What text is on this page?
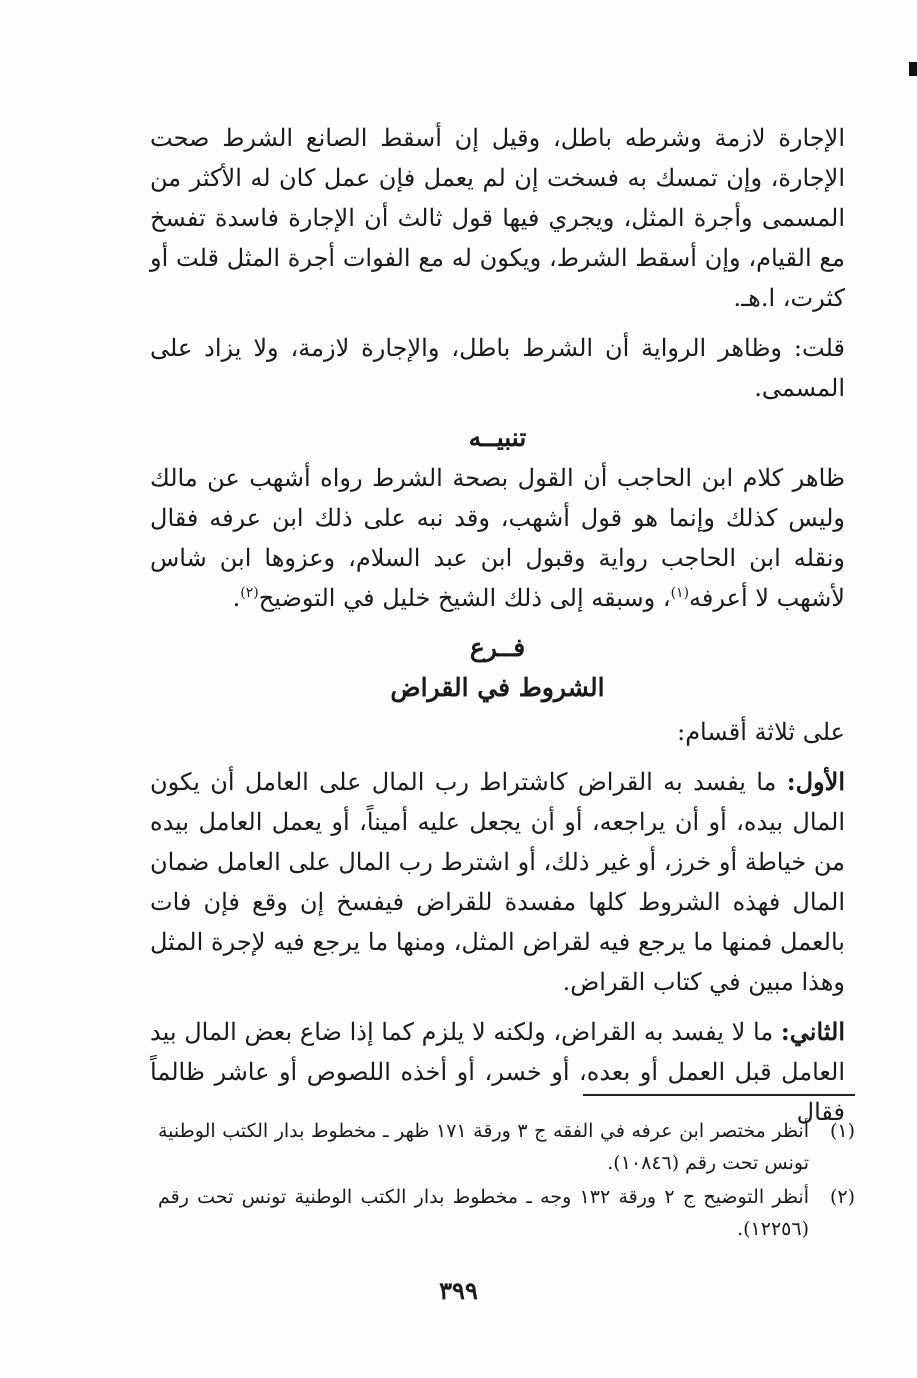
الإجارة لازمة وشرطه باطل، وقيل إن أسقط الصانع الشرط صحت الإجارة، وإن تمسك به فسخت إن لم يعمل فإن عمل كان له الأكثر من المسمى وأجرة المثل، ويجري فيها قول ثالث أن الإجارة فاسدة تفسخ مع القيام، وإن أسقط الشرط، ويكون له مع الفوات أجرة المثل قلت أو كثرت، ا.هـ.

قلت: وظاهر الرواية أن الشرط باطل، والإجارة لازمة، ولا يزاد على المسمى.

تنبيــه

ظاهر كلام ابن الحاجب أن القول بصحة الشرط رواه أشهب عن مالك وليس كذلك وإنما هو قول أشهب، وقد نبه على ذلك ابن عرفه فقال ونقله ابن الحاجب رواية وقبول ابن عبد السلام، وعزوها ابن شاس لأشهب لا أعرفه$^{(١)}$، وسبقه إلى ذلك الشيخ خليل في التوضيح$^{(٢)}$.

فــرع

الشروط في القراض

على ثلاثة أقسام:

الأول: ما يفسد به القراض كاشتراط رب المال على العامل أن يكون المال بيده، أو أن يراجعه، أو أن يجعل عليه أميناً، أو يعمل العامل بيده من خياطة أو خرز، أو غير ذلك، أو اشترط رب المال على العامل ضمان المال فهذه الشروط كلها مفسدة للقراض فيفسخ إن وقع فإن فات بالعمل فمنها ما يرجع فيه لقراض المثل، ومنها ما يرجع فيه لإجرة المثل وهذا مبين في كتاب القراض.

الثاني: ما لا يفسد به القراض، ولكنه لا يلزم كما إذا ضاع بعض المال بيد العامل قبل العمل أو بعده، أو خسر، أو أخذه اللصوص أو عاشر ظالماً فقال

(١)
أنظر مختصر ابن عرفه في الفقه ج ٣ ورقة ١٧١ ظهر ـ مخطوط بدار الكتب الوطنية تونس تحت رقم (١٠٨٤٦).
(٢)
أنظر التوضيح ج ٢ ورقة ١٣٢ وجه ـ مخطوط بدار الكتب الوطنية تونس تحت رقم (١٢٢٥٦).
٣٩٩
